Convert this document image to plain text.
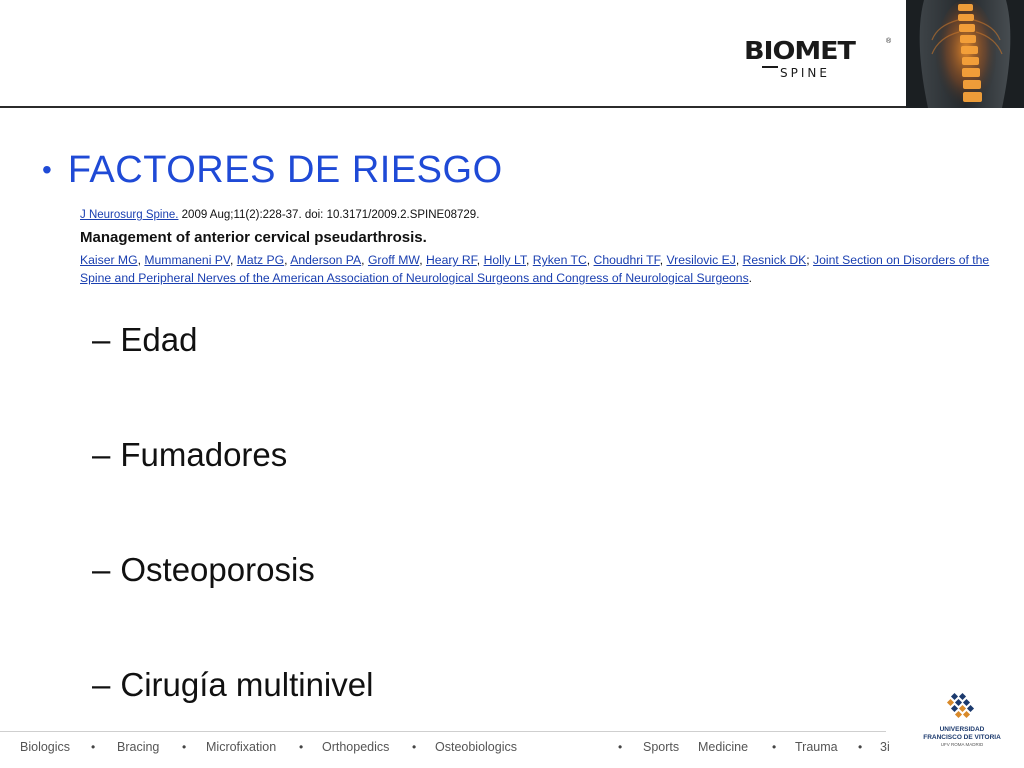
BIOMET	®
SPINE
• FACTORES DE RIESGO
J Neurosurg Spine. 2009 Aug;11(2):228-37. doi: 10.3171/2009.2.SPINE08729.
Management of anterior cervical pseudarthrosis.
Kaiser MG, Mummaneni PV, Matz PG, Anderson PA, Groff MW, Heary RF, Holly LT, Ryken TC, Choudhri TF, Vresilovic EJ, Resnick DK; Joint Section on Disorders of the Spine and Peripheral Nerves of the American Association of Neurological Surgeons and Congress of Neurological Surgeons.
– Edad
– Fumadores
– Osteoporosis
– Cirugía multinivel
Biologics • Bracing • Microfixation • Orthopedics • Osteobiologics	• Sports Medicine • Trauma • 3i
UNIVERSIDAD
FRANCISCO DE VITORIA
UFV ROMA MADRID
